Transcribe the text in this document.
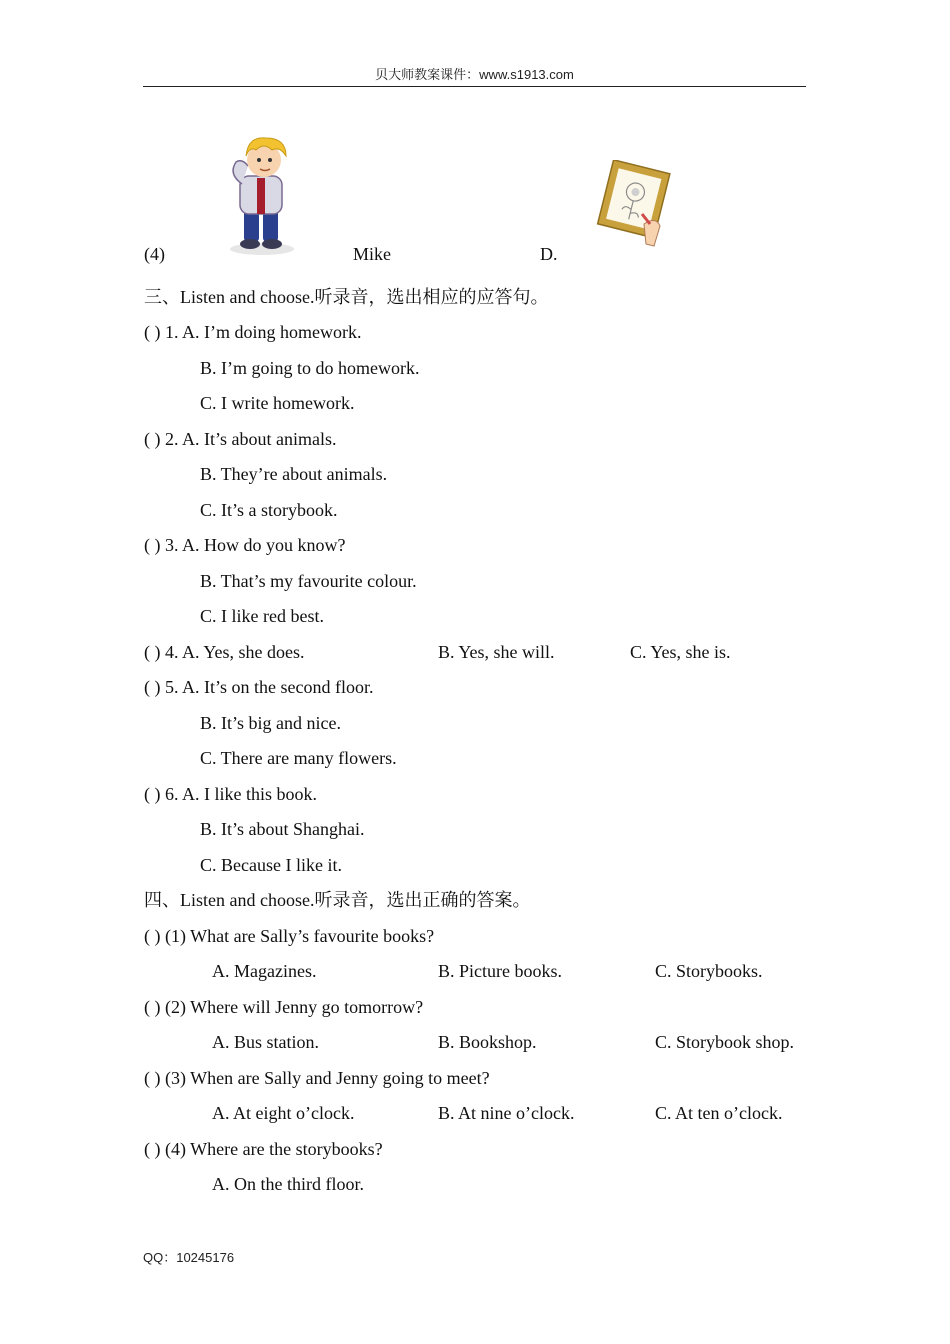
贝大师教案课件：www.s1913.com
(4)	Mike	D.
三、Listen and choose.听录音，选出相应的应答句。
( ) 1. A. I’m doing homework.
B. I’m going to do homework.
C. I write homework.
( ) 2. A. It’s about animals.
B. They’re about animals.
C. It’s a storybook.
( ) 3. A. How do you know?
B. That’s my favourite colour.
C. I like red best.
( ) 4. A. Yes, she does.	B. Yes, she will.	C. Yes, she is.
( ) 5. A. It’s on the second floor.
B. It’s big and nice.
C. There are many flowers.
( ) 6. A. I like this book.
B. It’s about Shanghai.
C. Because I like it.
四、Listen and choose.听录音，选出正确的答案。
( ) (1) What are Sally’s favourite books?
A. Magazines.	B. Picture books.	C. Storybooks.
( ) (2) Where will Jenny go tomorrow?
A. Bus station.	B. Bookshop.	C. Storybook shop.
( ) (3) When are Sally and Jenny going to meet?
A. At eight o’clock.	B. At nine o’clock.	C. At ten o’clock.
( ) (4) Where are the storybooks?
A. On the third floor.
QQ：10245176
